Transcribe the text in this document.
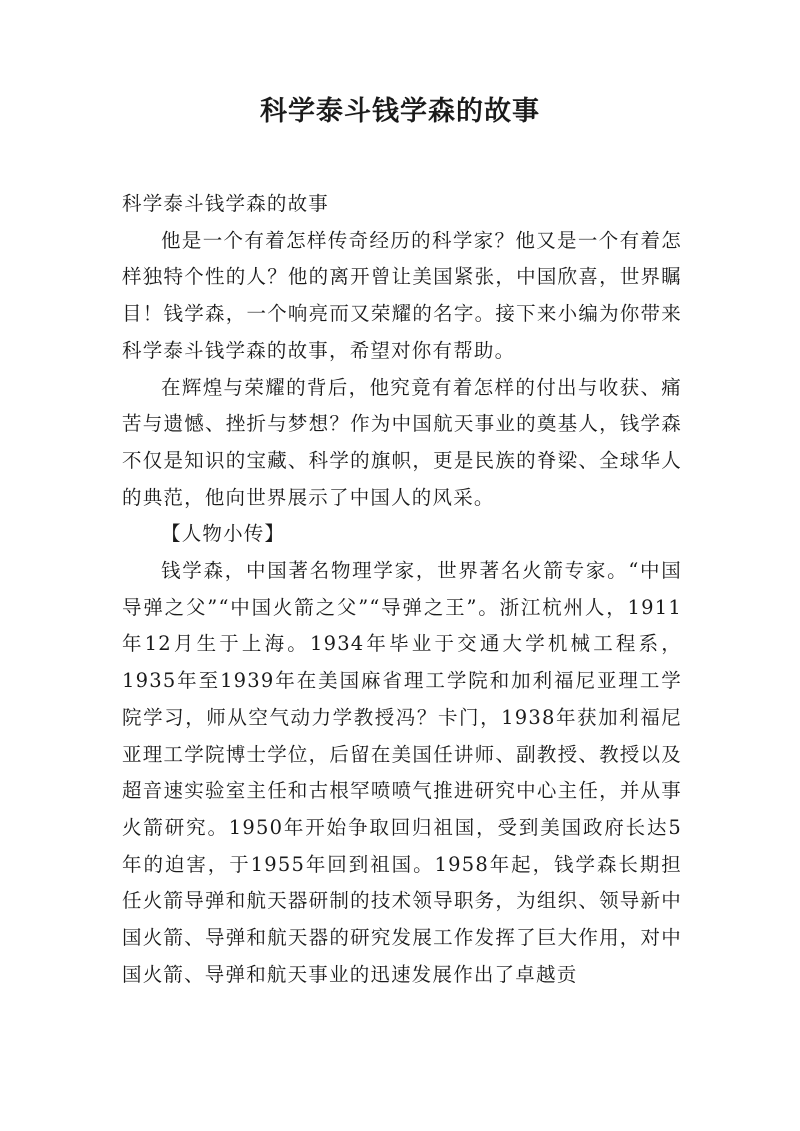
科学泰斗钱学森的故事

科学泰斗钱学森的故事

他是一个有着怎样传奇经历的科学家？他又是一个有着怎样独特个性的人？他的离开曾让美国紧张，中国欣喜，世界瞩目！钱学森，一个响亮而又荣耀的名字。接下来小编为你带来科学泰斗钱学森的故事，希望对你有帮助。

在辉煌与荣耀的背后，他究竟有着怎样的付出与收获、痛苦与遗憾、挫折与梦想？作为中国航天事业的奠基人，钱学森不仅是知识的宝藏、科学的旗帜，更是民族的脊梁、全球华人的典范，他向世界展示了中国人的风采。

【人物小传】

钱学森，中国著名物理学家，世界著名火箭专家。“中国导弹之父”“中国火箭之父”“导弹之王”。浙江杭州人，1911年12月生于上海。1934年毕业于交通大学机械工程系，1935年至1939年在美国麻省理工学院和加利福尼亚理工学院学习，师从空气动力学教授冯？卡门，1938年获加利福尼亚理工学院博士学位，后留在美国任讲师、副教授、教授以及超音速实验室主任和古根罕喷喷气推进研究中心主任，并从事火箭研究。1950年开始争取回归祖国，受到美国政府长达5年的迫害，于1955年回到祖国。1958年起，钱学森长期担任火箭导弹和航天器研制的技术领导职务，为组织、领导新中国火箭、导弹和航天器的研究发展工作发挥了巨大作用，对中国火箭、导弹和航天事业的迅速发展作出了卓越贡
